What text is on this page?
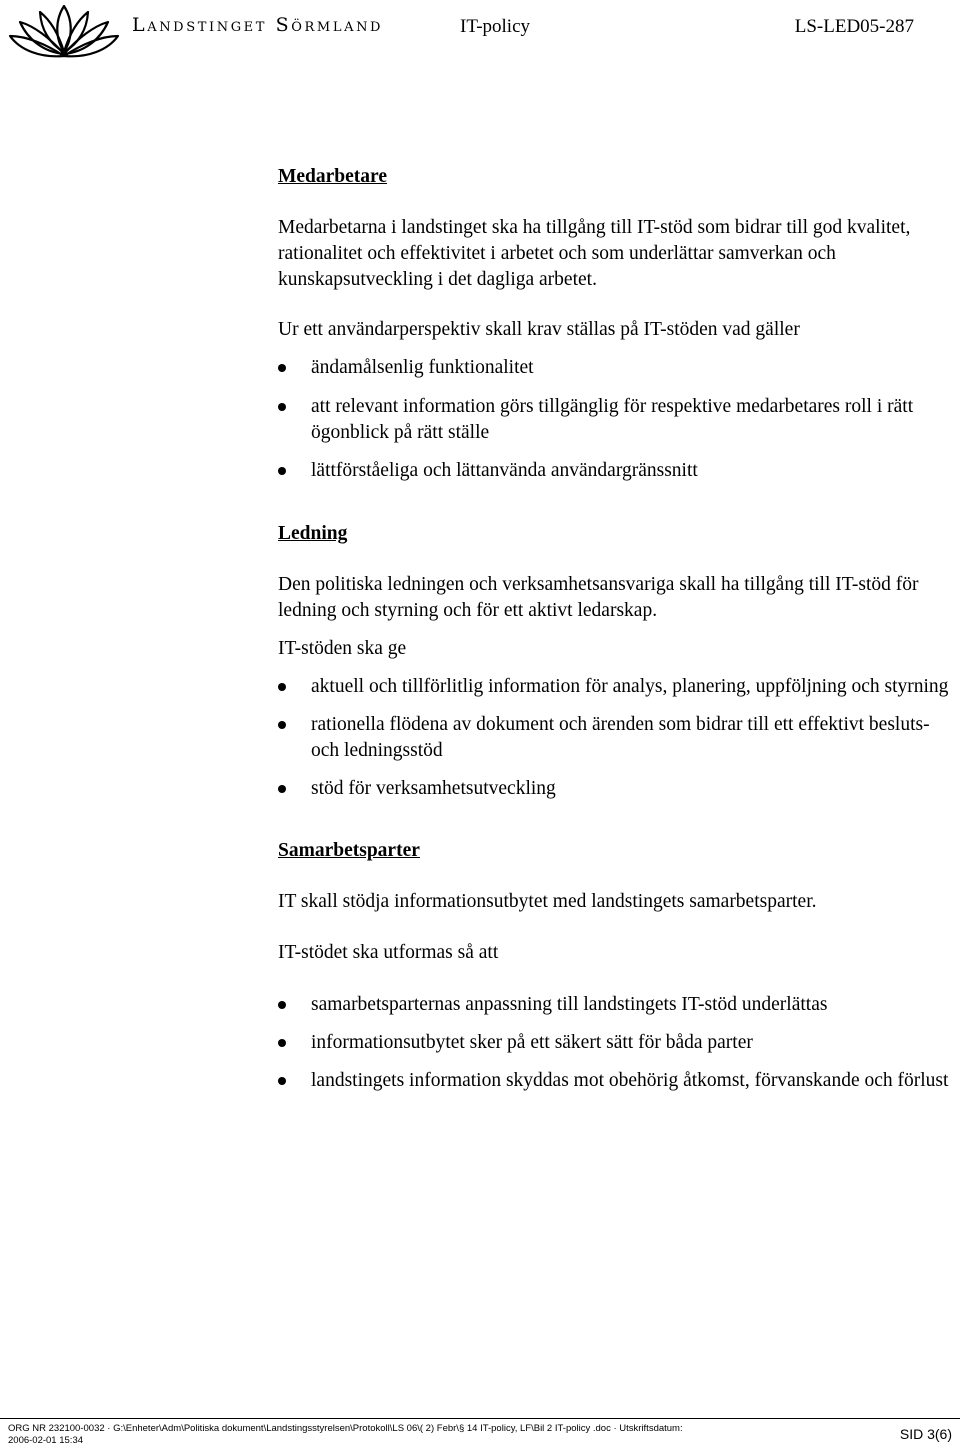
Landstinget Sörmland	IT-policy	LS-LED05-287
Medarbetare

Medarbetarna i landstinget ska ha tillgång till IT-stöd som bidrar till god kvalitet, rationalitet och effektivitet i arbetet och som underlättar samverkan och kunskapsutveckling i det dagliga arbetet.

Ur ett användarperspektiv skall krav ställas på IT-stöden vad gäller

ändamålsenlig funktionalitet
att relevant information görs tillgänglig för respektive medarbetares roll i rätt ögonblick på rätt ställe
lättförståeliga och lättanvända användargränssnitt
Ledning

Den politiska ledningen och verksamhetsansvariga skall ha tillgång till IT-stöd för ledning och styrning och för ett aktivt ledarskap.

IT-stöden ska ge

aktuell och tillförlitlig information för analys, planering, uppföljning och styrning
rationella flödena av dokument och ärenden som bidrar till ett effektivt besluts- och ledningsstöd
stöd för verksamhetsutveckling
Samarbetsparter

IT skall stödja informationsutbytet med landstingets samarbetsparter.

IT-stödet ska utformas så att

samarbetsparternas anpassning till landstingets IT-stöd underlättas
informationsutbytet sker på ett säkert sätt för båda parter
landstingets information skyddas mot obehörig åtkomst, förvanskande och förlust
ORG NR 232100-0032 · G:\Enheter\Adm\Politiska dokument\Landstingsstyrelsen\Protokoll\LS 06\( 2) Febr\§ 14 IT-policy, LF\Bil 2 IT-policy .doc · Utskriftsdatum: 2006-02-01 15:34	SID 3(6)
